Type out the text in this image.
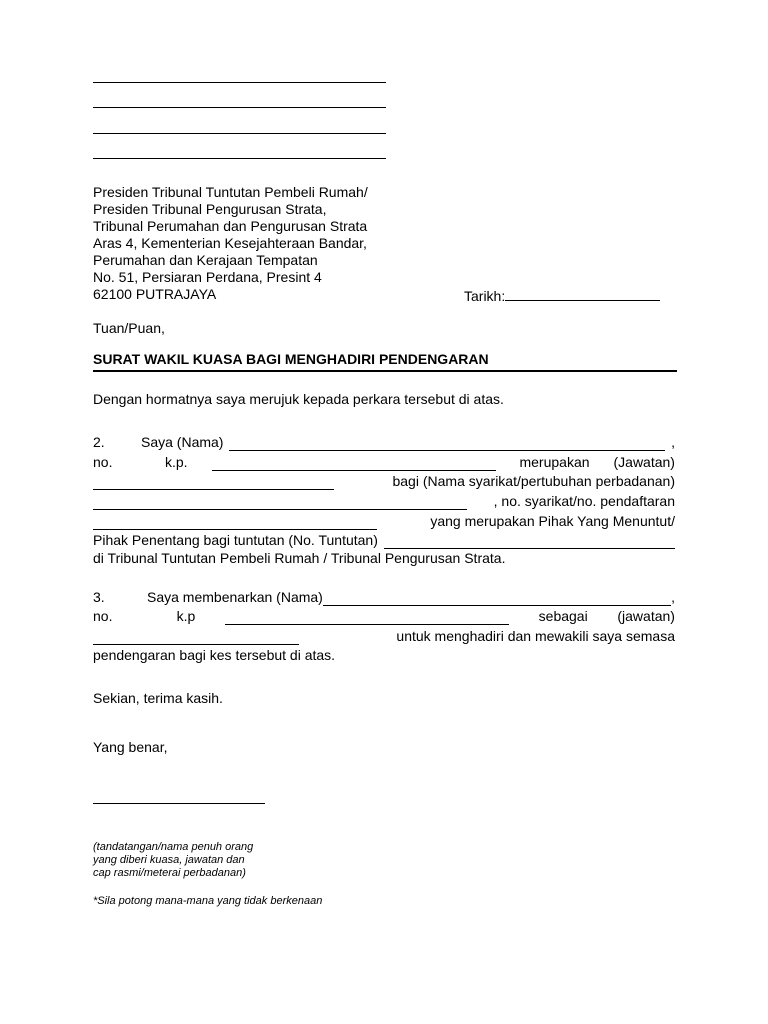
Presiden Tribunal Tuntutan Pembeli Rumah/
Presiden Tribunal Pengurusan Strata,
Tribunal Perumahan dan Pengurusan Strata
Aras 4, Kementerian Kesejahteraan Bandar,
Perumahan dan Kerajaan Tempatan
No. 51, Persiaran Perdana, Presint 4
62100 PUTRAJAYA	Tarikh:
Tuan/Puan,
SURAT WAKIL KUASA BAGI MENGHADIRI PENDENGARAN
Dengan hormatnya saya merujuk kepada perkara tersebut di atas.
2.	Saya (Nama)	,
no.	k.p.	merupakan (Jawatan)
bagi (Nama syarikat/pertubuhan perbadanan)
, no. syarikat/no. pendaftaran
yang merupakan Pihak Yang Menuntut/
Pihak Penentang bagi tuntutan (No. Tuntutan)
di Tribunal Tuntutan Pembeli Rumah / Tribunal Pengurusan Strata.
3.	Saya membenarkan (Nama)	,
no.	k.p	sebagai (jawatan)
untuk menghadiri dan mewakili saya semasa
pendengaran bagi kes tersebut di atas.
Sekian, terima kasih.
Yang benar,
(tandatangan/nama penuh orang
yang diberi kuasa, jawatan dan
cap rasmi/meterai perbadanan)
*Sila potong mana-mana yang tidak berkenaan
